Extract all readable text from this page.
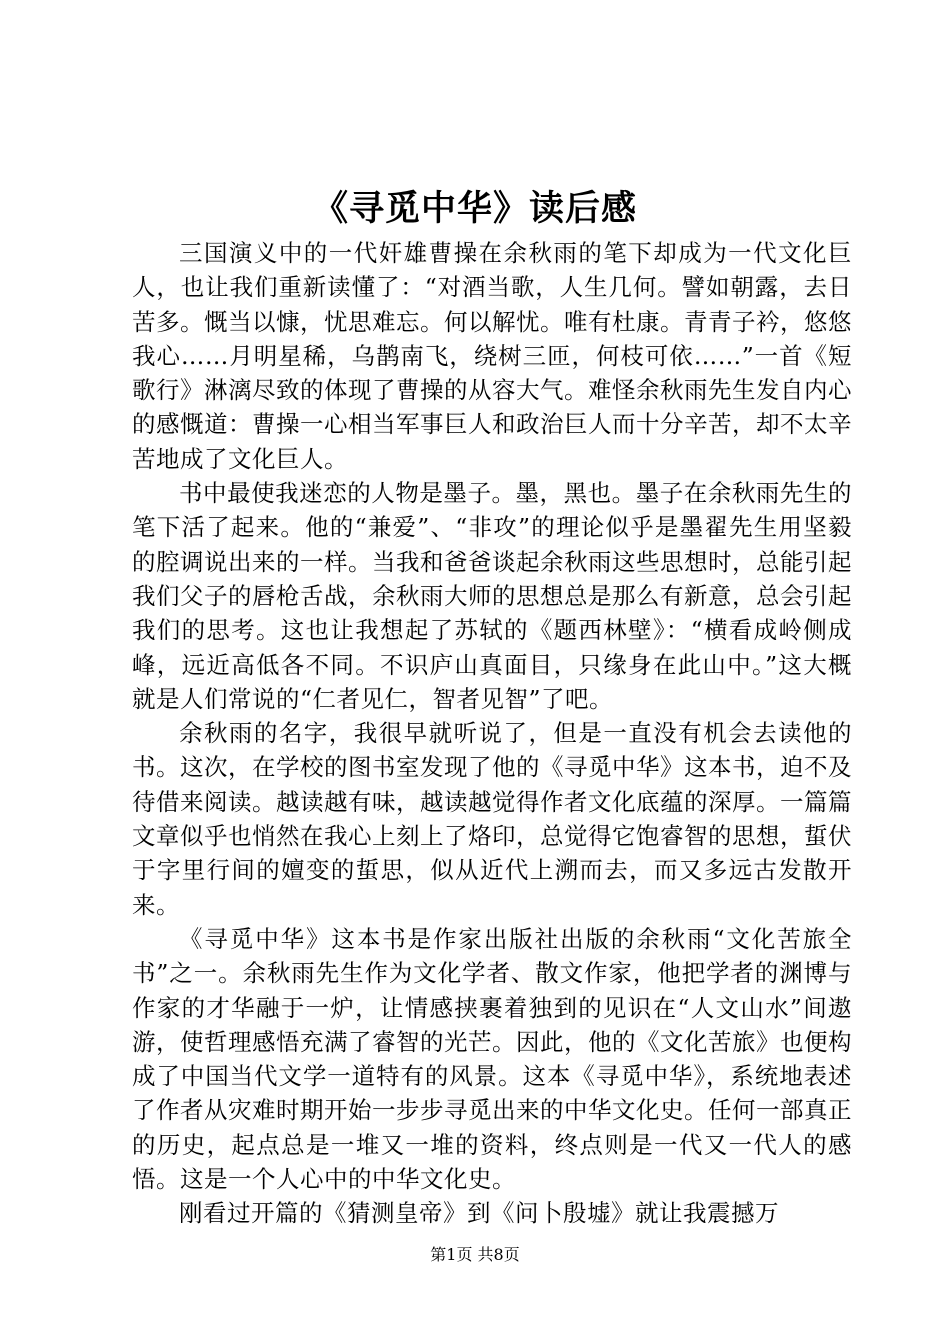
《寻觅中华》读后感

三国演义中的一代奸雄曹操在余秋雨的笔下却成为一代文化巨人，也让我们重新读懂了：“对酒当歌，人生几何。譬如朝露，去日苦多。慨当以慷，忧思难忘。何以解忧。唯有杜康。青青子衿，悠悠我心……月明星稀，乌鹊南飞，绕树三匝，何枝可依……”一首《短歌行》淋漓尽致的体现了曹操的从容大气。难怪余秋雨先生发自内心的感慨道：曹操一心相当军事巨人和政治巨人而十分辛苦，却不太辛苦地成了文化巨人。

书中最使我迷恋的人物是墨子。墨，黑也。墨子在余秋雨先生的笔下活了起来。他的“兼爱”、“非攻”的理论似乎是墨翟先生用坚毅的腔调说出来的一样。当我和爸爸谈起余秋雨这些思想时，总能引起我们父子的唇枪舌战，余秋雨大师的思想总是那么有新意，总会引起我们的思考。这也让我想起了苏轼的《题西林壁》：“横看成岭侧成峰，远近高低各不同。不识庐山真面目，只缘身在此山中。”这大概就是人们常说的“仁者见仁，智者见智”了吧。

余秋雨的名字，我很早就听说了，但是一直没有机会去读他的书。这次，在学校的图书室发现了他的《寻觅中华》这本书，迫不及待借来阅读。越读越有味，越读越觉得作者文化底蕴的深厚。一篇篇文章似乎也悄然在我心上刻上了烙印，总觉得它饱睿智的思想，蜇伏于字里行间的嬗变的蜇思，似从近代上溯而去，而又多远古发散开来。

《寻觅中华》这本书是作家出版社出版的余秋雨“文化苦旅全书”之一。余秋雨先生作为文化学者、散文作家，他把学者的渊博与作家的才华融于一炉，让情感挟裹着独到的见识在“人文山水”间遨游，使哲理感悟充满了睿智的光芒。因此，他的《文化苦旅》也便构成了中国当代文学一道特有的风景。这本《寻觅中华》，系统地表述了作者从灾难时期开始一步步寻觅出来的中华文化史。任何一部真正的历史，起点总是一堆又一堆的资料，终点则是一代又一代人的感悟。这是一个人心中的中华文化史。

刚看过开篇的《猜测皇帝》到《问卜殷墟》就让我震撼万

第1页 共8页
